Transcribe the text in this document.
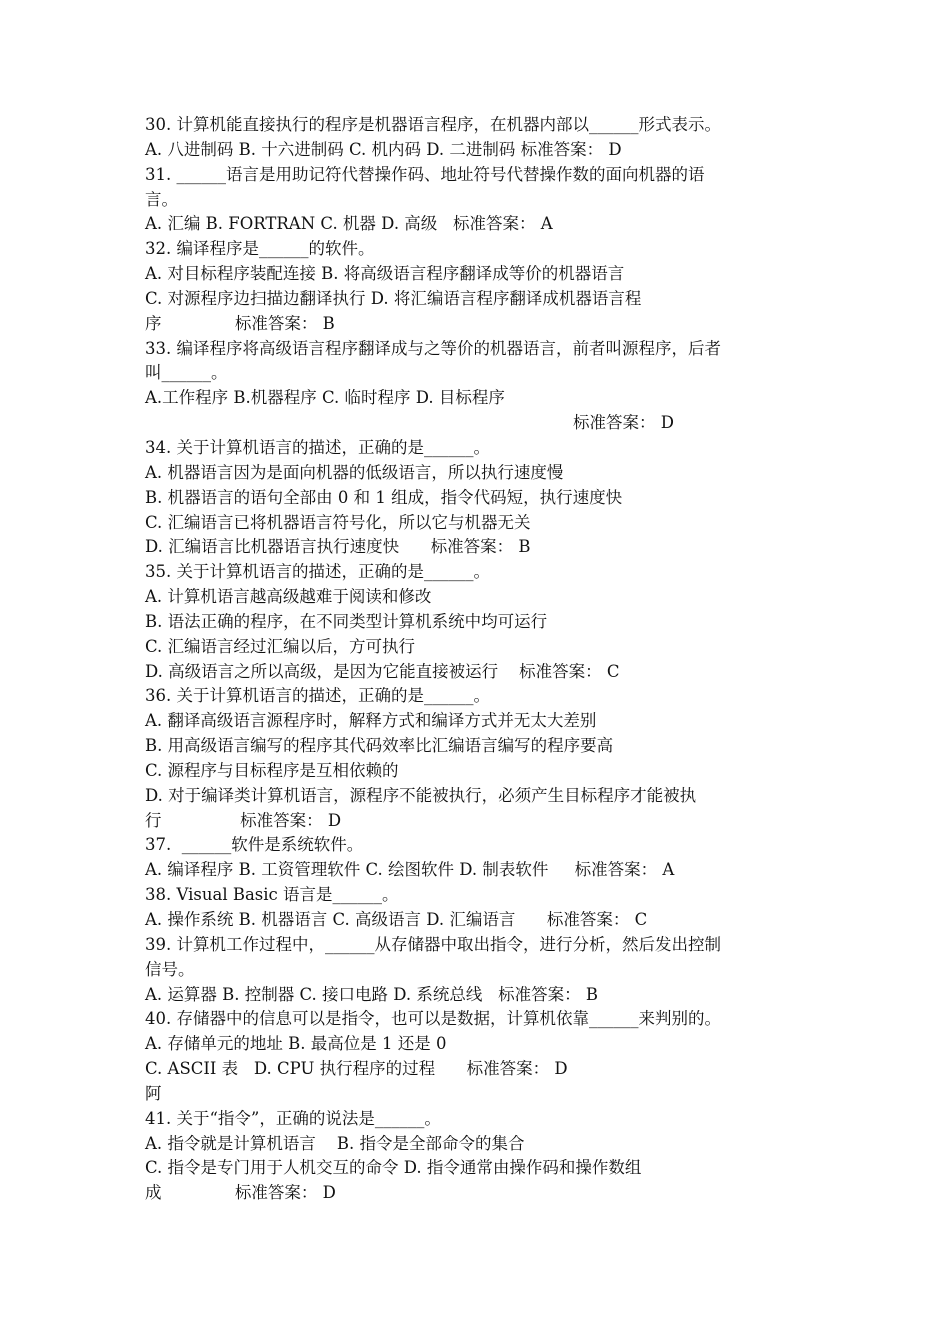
30. 计算机能直接执行的程序是机器语言程序，在机器内部以______形式表示。
A. 八进制码 B. 十六进制码 C. 机内码 D. 二进制码 标准答案： D
31. ______语言是用助记符代替操作码、地址符号代替操作数的面向机器的语
言。
A. 汇编 B. FORTRAN C. 机器 D. 高级   标准答案： A
32. 编译程序是______的软件。
A. 对目标程序装配连接 B. 将高级语言程序翻译成等价的机器语言
C. 对源程序边扫描边翻译执行 D. 将汇编语言程序翻译成机器语言程
序              标准答案： B
33. 编译程序将高级语言程序翻译成与之等价的机器语言，前者叫源程序，后者
叫______。
A.工作程序 B.机器程序 C. 临时程序 D. 目标程序
标准答案： D
34. 关于计算机语言的描述，正确的是______。
A. 机器语言因为是面向机器的低级语言，所以执行速度慢
B. 机器语言的语句全部由 0 和 1 组成，指令代码短，执行速度快
C. 汇编语言已将机器语言符号化，所以它与机器无关
D. 汇编语言比机器语言执行速度快      标准答案： B
35. 关于计算机语言的描述，正确的是______。
A. 计算机语言越高级越难于阅读和修改
B. 语法正确的程序，在不同类型计算机系统中均可运行
C. 汇编语言经过汇编以后，方可执行
D. 高级语言之所以高级，是因为它能直接被运行    标准答案： C
36. 关于计算机语言的描述，正确的是______。
A. 翻译高级语言源程序时，解释方式和编译方式并无太大差别
B. 用高级语言编写的程序其代码效率比汇编语言编写的程序要高
C. 源程序与目标程序是互相依赖的
D. 对于编译类计算机语言，源程序不能被执行，必须产生目标程序才能被执
行               标准答案： D
37.  ______软件是系统软件。
A. 编译程序 B. 工资管理软件 C. 绘图软件 D. 制表软件     标准答案： A
38. Visual Basic 语言是______。
A. 操作系统 B. 机器语言 C. 高级语言 D. 汇编语言      标准答案： C
39. 计算机工作过程中，______从存储器中取出指令，进行分析，然后发出控制
信号。
A. 运算器 B. 控制器 C. 接口电路 D. 系统总线   标准答案： B
40. 存储器中的信息可以是指令，也可以是数据，计算机依靠______来判别的。
A. 存储单元的地址 B. 最高位是 1 还是 0
C. ASCII 表   D. CPU 执行程序的过程      标准答案： D
阿
41. 关于“指令”，正确的说法是______。
A. 指令就是计算机语言    B. 指令是全部命令的集合
C. 指令是专门用于人机交互的命令 D. 指令通常由操作码和操作数组
成              标准答案： D
